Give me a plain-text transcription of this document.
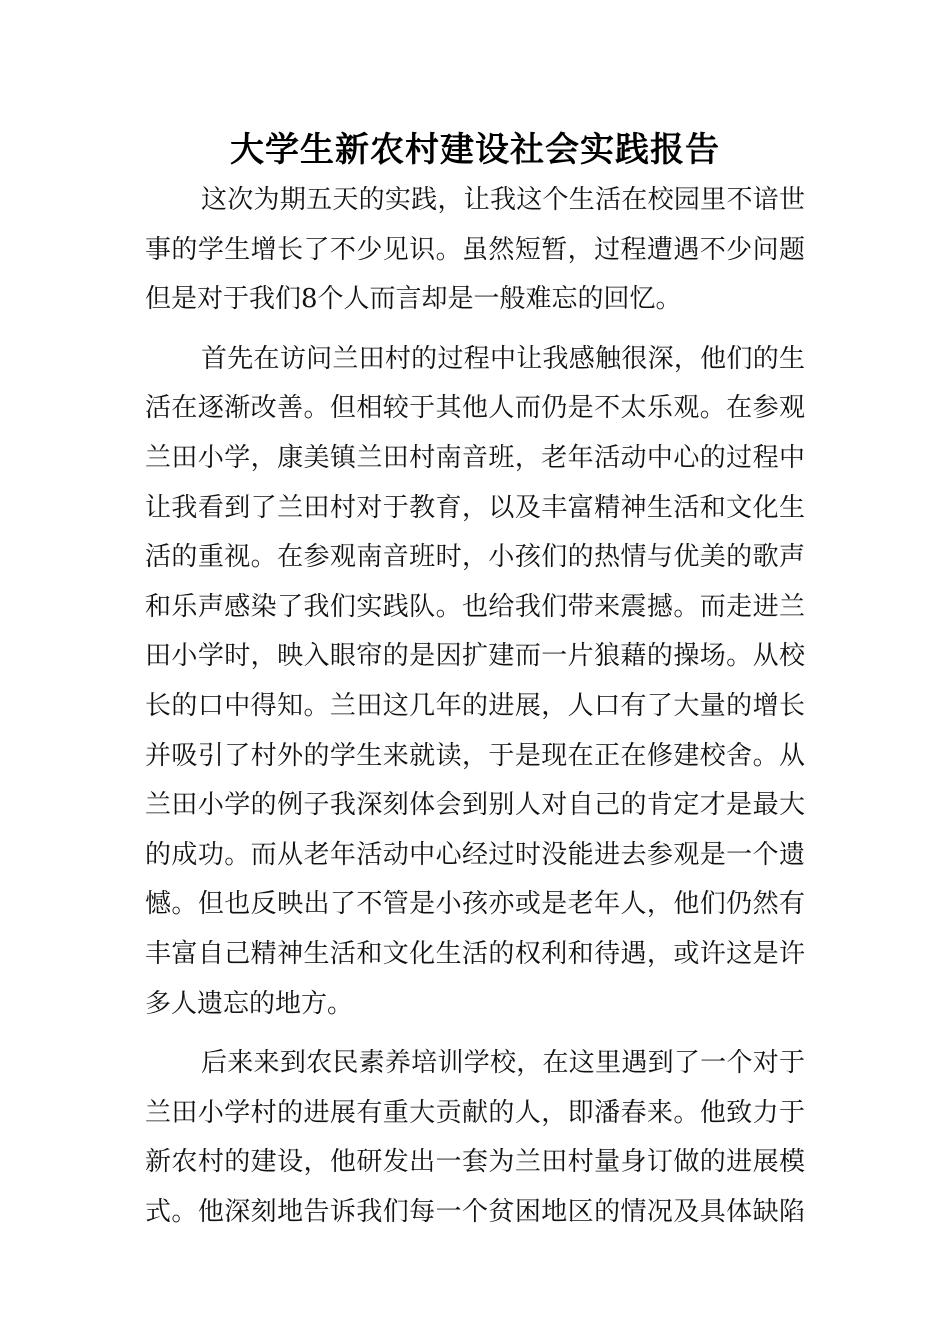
大学生新农村建设社会实践报告
这次为期五天的实践，让我这个生活在校园里不谙世
事的学生增长了不少见识。虽然短暂，过程遭遇不少问题
但是对于我们8个人而言却是一般难忘的回忆。
首先在访问兰田村的过程中让我感触很深，他们的生
活在逐渐改善。但相较于其他人而仍是不太乐观。在参观
兰田小学，康美镇兰田村南音班，老年活动中心的过程中
让我看到了兰田村对于教育，以及丰富精神生活和文化生
活的重视。在参观南音班时，小孩们的热情与优美的歌声
和乐声感染了我们实践队。也给我们带来震撼。而走进兰
田小学时，映入眼帘的是因扩建而一片狼藉的操场。从校
长的口中得知。兰田这几年的进展，人口有了大量的增长
并吸引了村外的学生来就读，于是现在正在修建校舍。从
兰田小学的例子我深刻体会到别人对自己的肯定才是最大
的成功。而从老年活动中心经过时没能进去参观是一个遗
憾。但也反映出了不管是小孩亦或是老年人，他们仍然有
丰富自己精神生活和文化生活的权利和待遇，或许这是许
多人遗忘的地方。
后来来到农民素养培训学校，在这里遇到了一个对于
兰田小学村的进展有重大贡献的人，即潘春来。他致力于
新农村的建设，他研发出一套为兰田村量身订做的进展模
式。他深刻地告诉我们每一个贫困地区的情况及具体缺陷
